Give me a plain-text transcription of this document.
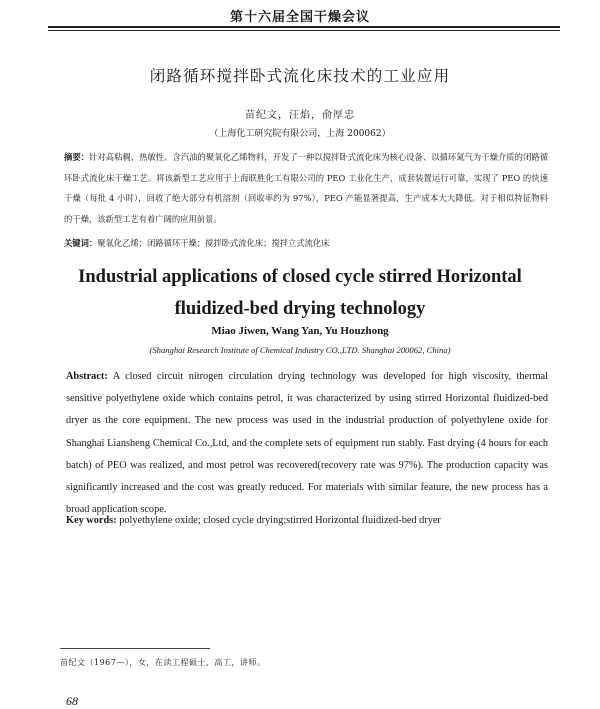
第十六届全国干燥会议
闭路循环搅拌卧式流化床技术的工业应用
苗纪文，汪焰，俞厚忠
（上海化工研究院有限公司，上海 200062）
摘要：针对高粘稠、热敏性、含汽油的聚氧化乙烯物料，开发了一种以搅拌卧式流化床为核心设备、以循环氮气为干燥介质的闭路循环卧式流化床干燥工艺。将该新型工艺应用于上海联胜化工有限公司的 PEO 工业化生产，成套装置运行可靠，实现了 PEO 的快速干燥（每批 4 小时），回收了绝大部分有机溶剂（回收率约为 97%），PEO 产能显著提高，生产成本大大降低。对于相似特征物料的干燥，该新型工艺有着广阔的应用前景。
关键词：聚氧化乙烯；闭路循环干燥；搅拌卧式流化床；搅拌立式流化床
Industrial applications of closed cycle stirred Horizontal
fluidized-bed drying technology
Miao Jiwen, Wang Yan, Yu Houzhong
(Shanghai Research Institute of Chemical Industry CO.,LTD. Shanghai 200062, China)
Abstract: A closed circuit nitrogen circulation drying technology was developed for high viscosity, thermal sensitive polyethylene oxide which contains petrol, it was characterized by using stirred Horizontal fluidized-bed dryer as the core equipment. The new process was used in the industrial production of polyethylene oxide for Shanghai Liansheng Chemical Co.,Ltd, and the complete sets of equipment run stably. Fast drying (4 hours for each batch) of PEO was realized, and most petrol was recovered(recovery rate was 97%). The production capacity was significantly increased and the cost was greatly reduced. For materials with similar feature, the new process has a broad application scope.
Key words: polyethylene oxide; closed cycle drying;stirred Horizontal fluidized-bed dryer
苗纪文（1967—），女，在读工程硕士，高工，讲师。
68
